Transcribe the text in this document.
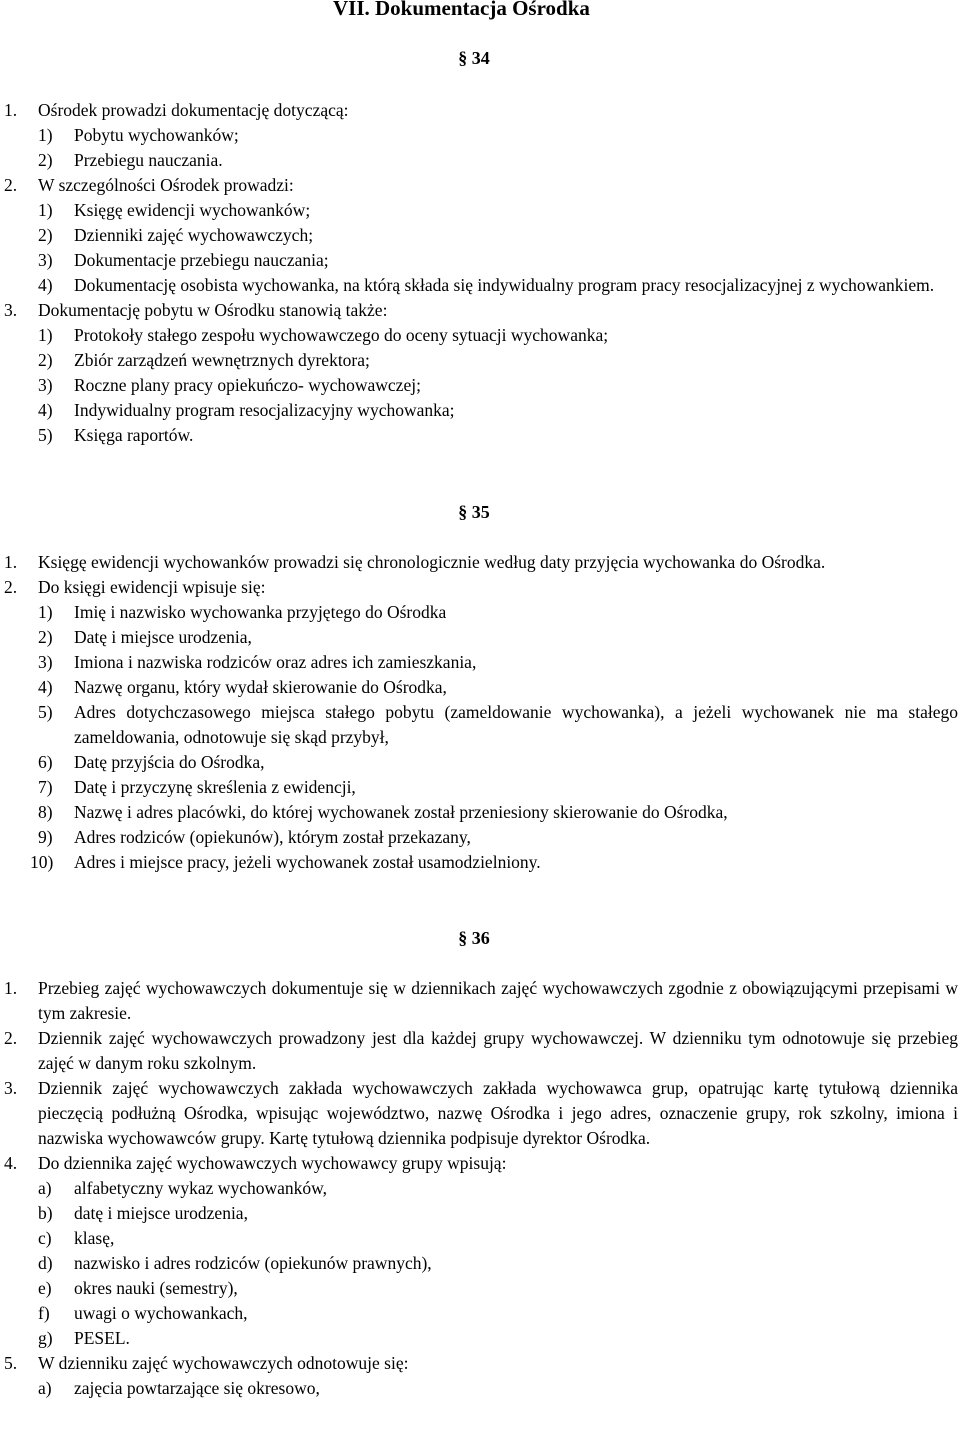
VII. Dokumentacja Ośrodka
§ 34
1. Ośrodek prowadzi dokumentację dotyczącą:
1) Pobytu wychowanków;
2) Przebiegu nauczania.
2. W szczególności Ośrodek prowadzi:
1) Księgę ewidencji wychowanków;
2) Dzienniki zajęć wychowawczych;
3) Dokumentacje przebiegu nauczania;
4) Dokumentację osobista wychowanka, na którą składa się indywidualny program pracy resocjalizacyjnej z wychowankiem.
3. Dokumentację pobytu w Ośrodku stanowią także:
1) Protokoły stałego zespołu wychowawczego do oceny sytuacji wychowanka;
2) Zbiór zarządzeń wewnętrznych dyrektora;
3) Roczne plany pracy opiekuńczo- wychowawczej;
4) Indywidualny program resocjalizacyjny wychowanka;
5) Księga raportów.
§ 35
1. Księgę ewidencji wychowanków prowadzi się chronologicznie według daty przyjęcia wychowanka do Ośrodka.
2. Do księgi ewidencji wpisuje się:
1) Imię i nazwisko wychowanka przyjętego do Ośrodka
2) Datę i miejsce urodzenia,
3) Imiona i nazwiska rodziców oraz adres ich zamieszkania,
4) Nazwę organu, który wydał skierowanie do Ośrodka,
5) Adres dotychczasowego miejsca stałego pobytu (zameldowanie wychowanka), a jeżeli wychowanek nie ma stałego zameldowania, odnotowuje się skąd przybył,
6) Datę przyjścia do Ośrodka,
7) Datę i przyczynę skreślenia z ewidencji,
8) Nazwę i adres placówki, do której wychowanek został przeniesiony skierowanie do Ośrodka,
9) Adres rodziców (opiekunów), którym został przekazany,
10) Adres i miejsce pracy, jeżeli wychowanek został usamodzielniony.
§ 36
1. Przebieg zajęć wychowawczych dokumentuje się w dziennikach zajęć wychowawczych zgodnie z obowiązującymi przepisami w tym zakresie.
2. Dziennik zajęć wychowawczych prowadzony jest dla każdej grupy wychowawczej. W dzienniku tym odnotowuje się przebieg zajęć w danym roku szkolnym.
3. Dziennik zajęć wychowawczych zakłada wychowawczych zakłada wychowawca grup, opatrując kartę tytułową dziennika pieczęcią podłużną Ośrodka, wpisując województwo, nazwę Ośrodka i jego adres, oznaczenie grupy, rok szkolny, imiona i nazwiska wychowawców grupy. Kartę tytułową dziennika podpisuje dyrektor Ośrodka.
4. Do dziennika zajęć wychowawczych wychowawcy grupy wpisują:
a) alfabetyczny wykaz wychowanków,
b) datę i miejsce urodzenia,
c) klasę,
d) nazwisko i adres rodziców (opiekunów prawnych),
e) okres nauki (semestry),
f) uwagi o wychowankach,
g) PESEL.
5. W dzienniku zajęć wychowawczych odnotowuje się:
a) zajęcia powtarzające się okresowo,
